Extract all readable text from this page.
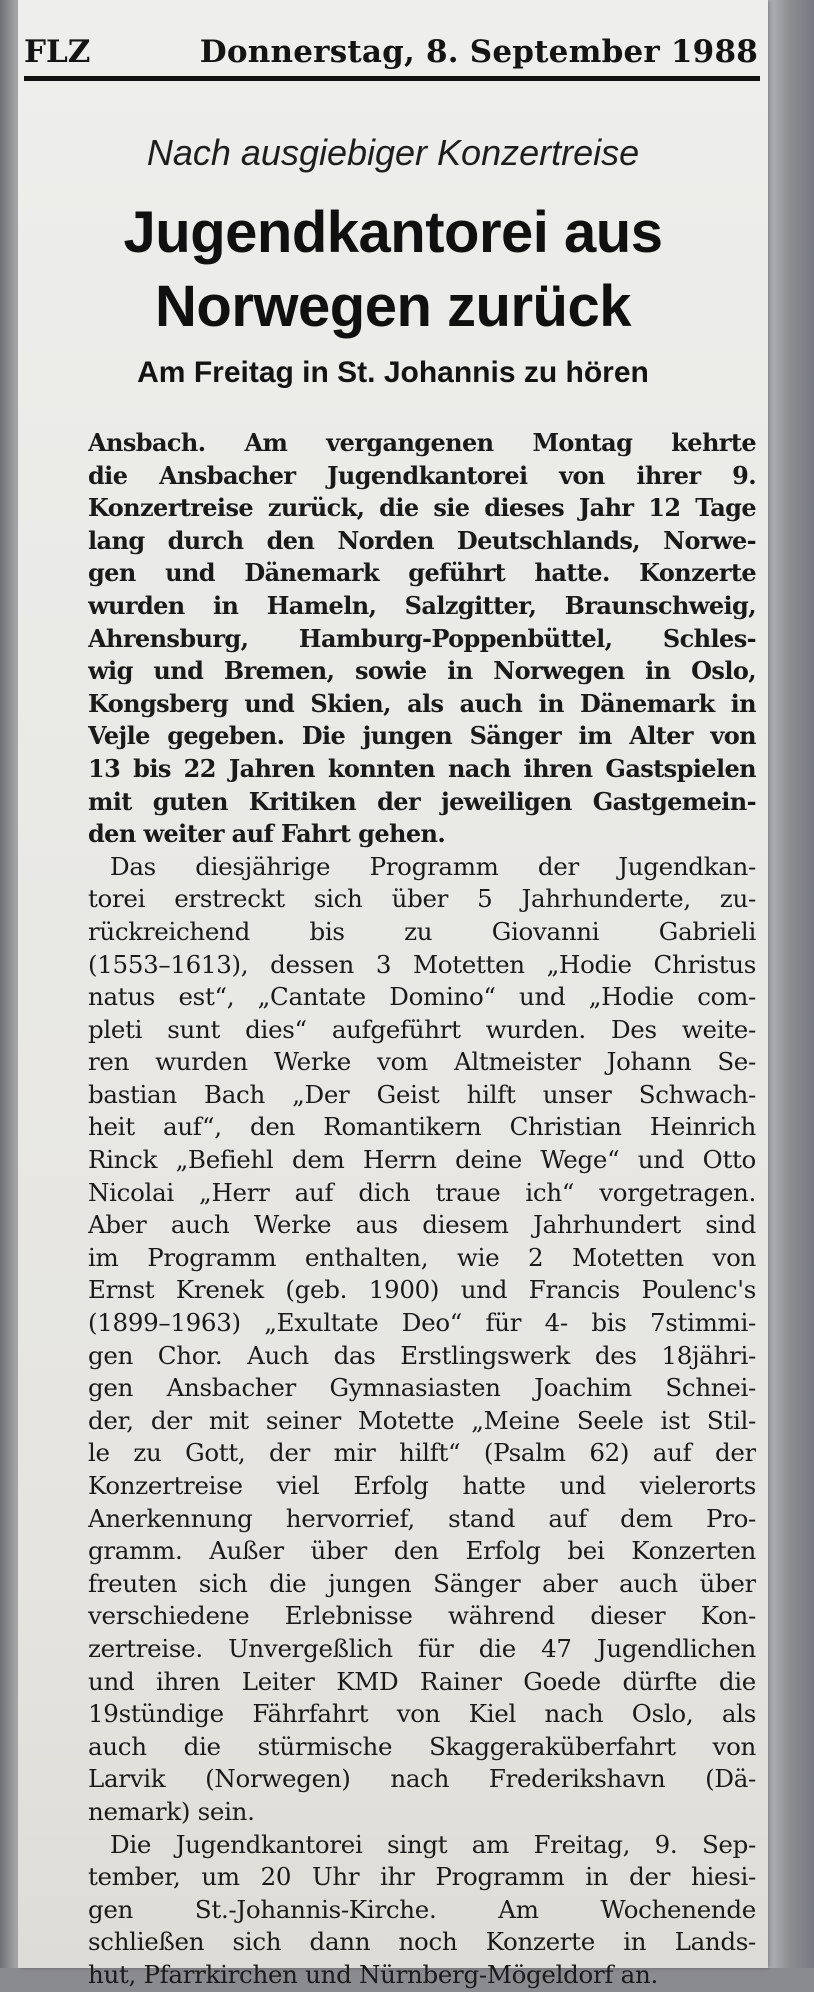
FLZ	Donnerstag, 8. September 1988
Nach ausgiebiger Konzertreise
Jugendkantorei aus
Norwegen zurück
Am Freitag in St. Johannis zu hören
Ansbach. Am vergangenen Montag kehrte
die Ansbacher Jugendkantorei von ihrer 9.
Konzertreise zurück, die sie dieses Jahr 12 Tage
lang durch den Norden Deutschlands, Norwe-
gen und Dänemark geführt hatte. Konzerte
wurden in Hameln, Salzgitter, Braunschweig,
Ahrensburg, Hamburg-Poppenbüttel, Schles-
wig und Bremen, sowie in Norwegen in Oslo,
Kongsberg und Skien, als auch in Dänemark in
Vejle gegeben. Die jungen Sänger im Alter von
13 bis 22 Jahren konnten nach ihren Gastspielen
mit guten Kritiken der jeweiligen Gastgemein-
den weiter auf Fahrt gehen.
Das diesjährige Programm der Jugendkan-
torei erstreckt sich über 5 Jahrhunderte, zu-
rückreichend bis zu Giovanni Gabrieli
(1553–1613), dessen 3 Motetten „Hodie Christus
natus est“, „Cantate Domino“ und „Hodie com-
pleti sunt dies“ aufgeführt wurden. Des weite-
ren wurden Werke vom Altmeister Johann Se-
bastian Bach „Der Geist hilft unser Schwach-
heit auf“, den Romantikern Christian Heinrich
Rinck „Befiehl dem Herrn deine Wege“ und Otto
Nicolai „Herr auf dich traue ich“ vorgetragen.
Aber auch Werke aus diesem Jahrhundert sind
im Programm enthalten, wie 2 Motetten von
Ernst Krenek (geb. 1900) und Francis Poulenc's
(1899–1963) „Exultate Deo“ für 4- bis 7stimmi-
gen Chor. Auch das Erstlingswerk des 18jähri-
gen Ansbacher Gymnasiasten Joachim Schnei-
der, der mit seiner Motette „Meine Seele ist Stil-
le zu Gott, der mir hilft“ (Psalm 62) auf der
Konzertreise viel Erfolg hatte und vielerorts
Anerkennung hervorrief, stand auf dem Pro-
gramm. Außer über den Erfolg bei Konzerten
freuten sich die jungen Sänger aber auch über
verschiedene Erlebnisse während dieser Kon-
zertreise. Unvergeßlich für die 47 Jugendlichen
und ihren Leiter KMD Rainer Goede dürfte die
19stündige Fährfahrt von Kiel nach Oslo, als
auch die stürmische Skaggeraküberfahrt von
Larvik (Norwegen) nach Frederikshavn (Dä-
nemark) sein.
Die Jugendkantorei singt am Freitag, 9. Sep-
tember, um 20 Uhr ihr Programm in der hiesi-
gen St.-Johannis-Kirche. Am Wochenende
schließen sich dann noch Konzerte in Lands-
hut, Pfarrkirchen und Nürnberg-Mögeldorf an.
